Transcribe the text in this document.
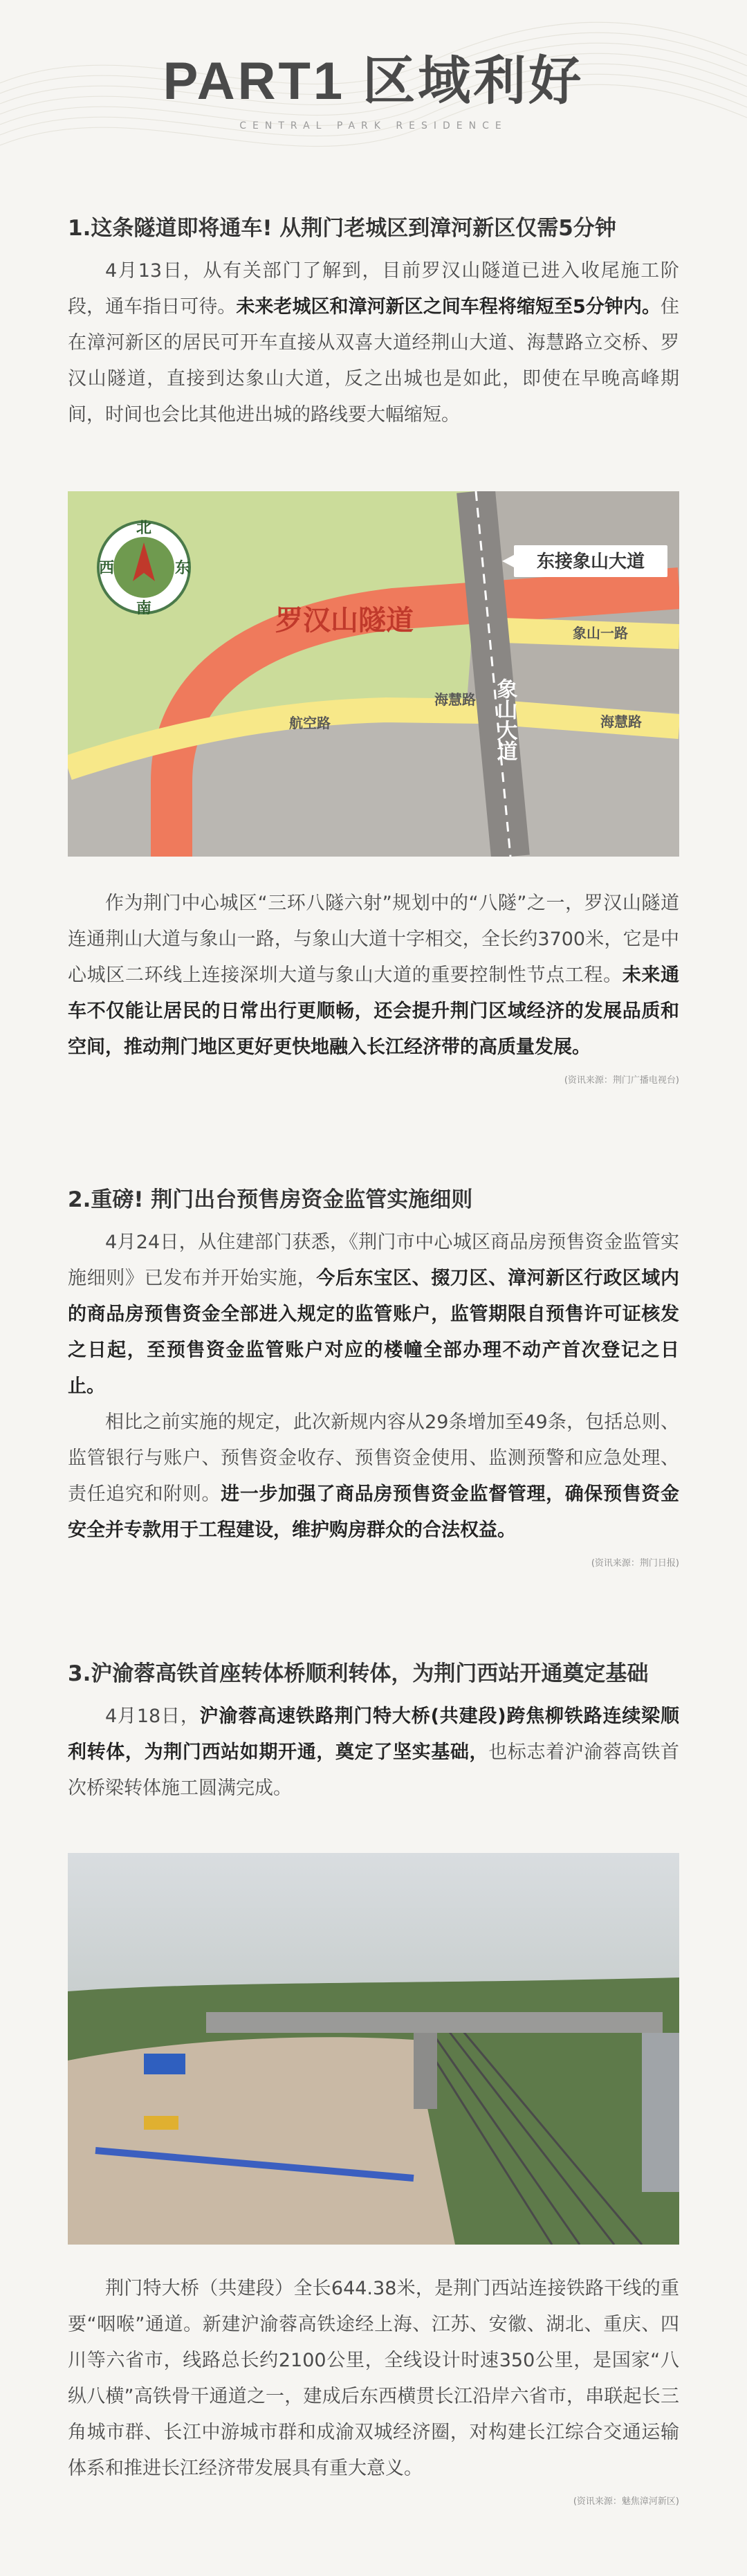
PART1 区域利好
CENTRAL PARK RESIDENCE
1.这条隧道即将通车! 从荆门老城区到漳河新区仅需5分钟

4月13日，从有关部门了解到，目前罗汉山隧道已进入收尾施工阶段，通车指日可待。未来老城区和漳河新区之间车程将缩短至5分钟内。住在漳河新区的居民可开车直接从双喜大道经荆山大道、海慧路立交桥、罗汉山隧道，直接到达象山大道，反之出城也是如此，即使在早晚高峰期间，时间也会比其他进出城的路线要大幅缩短。

北
南
西	东
罗汉山隧道
航空路
海慧路
海慧路
象山一路
象山大道
东接象山大道

作为荆门中心城区“三环八隧六射”规划中的“八隧”之一，罗汉山隧道连通荆山大道与象山一路，与象山大道十字相交，全长约3700米，它是中心城区二环线上连接深圳大道与象山大道的重要控制性节点工程。未来通车不仅能让居民的日常出行更顺畅，还会提升荆门区域经济的发展品质和空间，推动荆门地区更好更快地融入长江经济带的高质量发展。

(资讯来源：荆门广播电视台)
2.重磅! 荆门出台预售房资金监管实施细则

4月24日，从住建部门获悉，《荆门市中心城区商品房预售资金监管实施细则》已发布并开始实施，今后东宝区、掇刀区、漳河新区行政区域内的商品房预售资金全部进入规定的监管账户，监管期限自预售许可证核发之日起，至预售资金监管账户对应的楼幢全部办理不动产首次登记之日止。

相比之前实施的规定，此次新规内容从29条增加至49条，包括总则、监管银行与账户、预售资金收存、预售资金使用、监测预警和应急处理、责任追究和附则。进一步加强了商品房预售资金监督管理，确保预售资金安全并专款用于工程建设，维护购房群众的合法权益。

(资讯来源：荆门日报)
3.沪渝蓉高铁首座转体桥顺利转体，为荆门西站开通奠定基础

4月18日，沪渝蓉高速铁路荆门特大桥(共建段)跨焦柳铁路连续梁顺利转体，为荆门西站如期开通，奠定了坚实基础，也标志着沪渝蓉高铁首次桥梁转体施工圆满完成。

荆门特大桥（共建段）全长644.38米，是荆门西站连接铁路干线的重要“咽喉”通道。新建沪渝蓉高铁途经上海、江苏、安徽、湖北、重庆、四川等六省市，线路总长约2100公里，全线设计时速350公里，是国家“八纵八横”高铁骨干通道之一，建成后东西横贯长江沿岸六省市，串联起长三角城市群、长江中游城市群和成渝双城经济圈，对构建长江综合交通运输体系和推进长江经济带发展具有重大意义。

(资讯来源：魅焦漳河新区)
